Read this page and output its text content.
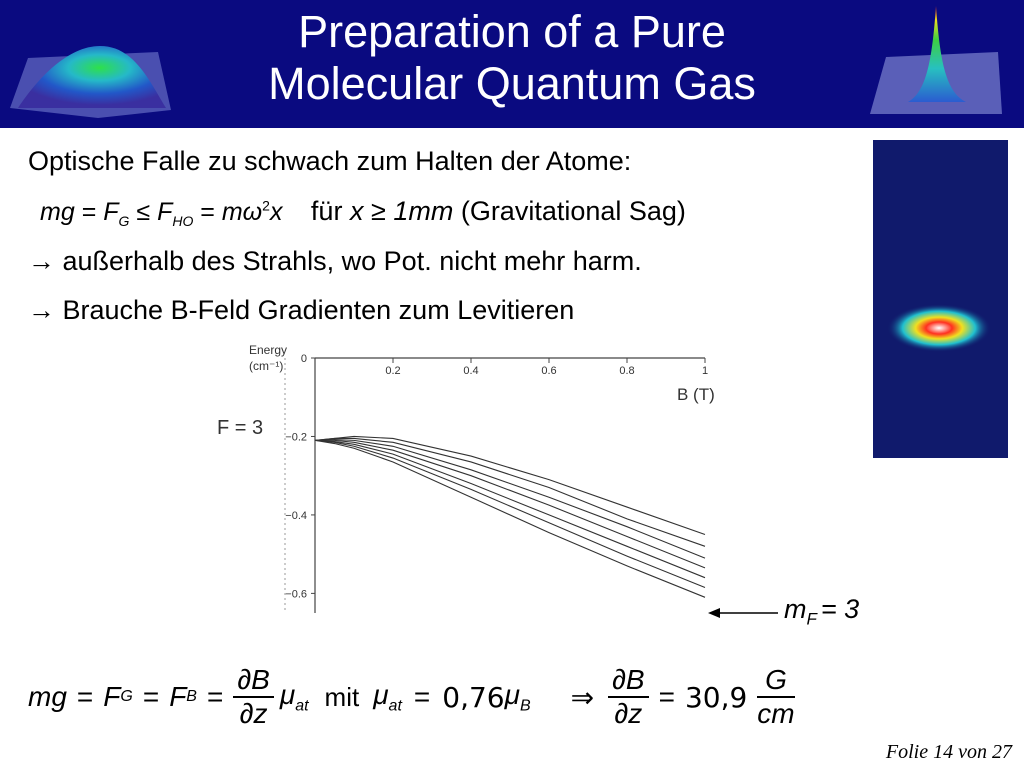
Preparation of a Pure
Molecular Quantum Gas
Optische Falle zu schwach zum Halten der Atome:
mg = $F_G \le F_{HO} = m\omega^2x$ für x ≥ 1mm (Gravitational Sag)
→ außerhalb des Strahls, wo Pot. nicht mehr harm.
→ Brauche B-Feld Gradienten zum Levitieren
Energy
(cm⁻¹)
B (T)
F = 3
0.2	0.4	0.6	0.8	1
0
−0.2
−0.4
−0.6	$m_F = 3$
mg = F G = F $B = \frac{\partial B}{\partial z} \mu_{at}$ mit $\mu_{at} = 0,76$ $\mu_B$	⇒ $\frac{\partial B}{\partial z} = 30,9 \frac{G}{cm}$
Folie 14 von 27
